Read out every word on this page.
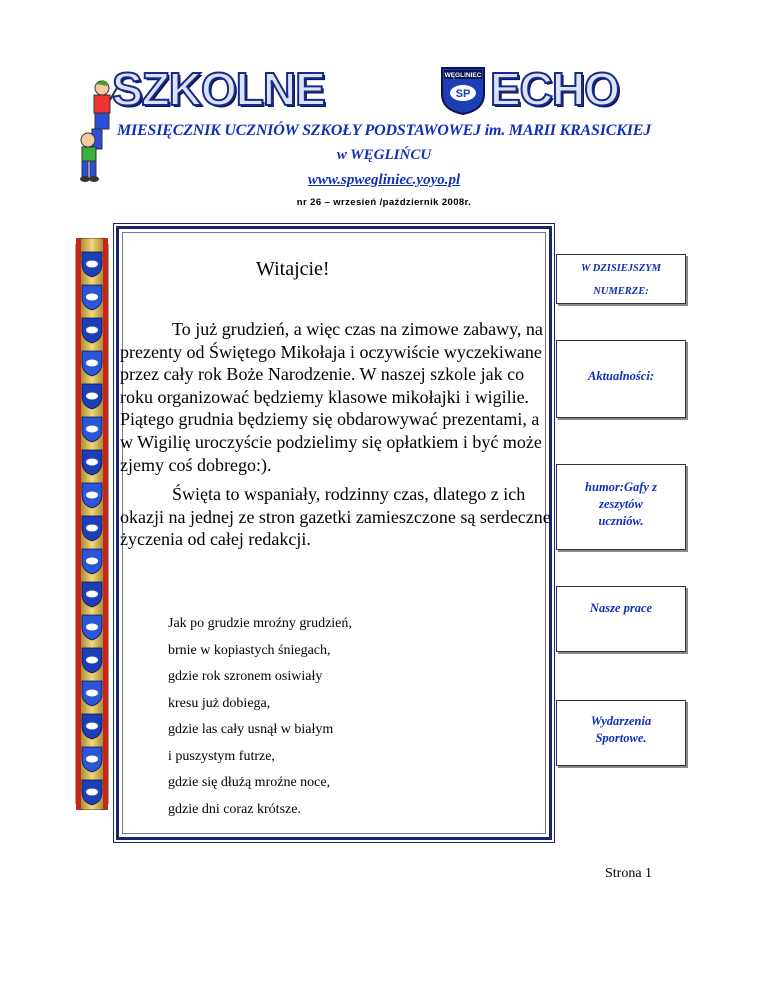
SZKOLNE	WĘGLINIEC
SP ECHO
MIESIĘCZNIK UCZNIÓW SZKOŁY PODSTAWOWEJ im. MARII KRASICKIEJ
w WĘGLIŃCU
www.spwegliniec.yoyo.pl
nr 26 – wrzesień /październik 2008r.
Witajcie!

To już grudzień, a więc czas na zimowe zabawy, na prezenty od Świętego Mikołaja i oczywiście wyczekiwane przez cały rok Boże Narodzenie. W naszej szkole jak co roku organizować będziemy klasowe mikołajki i wigilie. Piątego grudnia będziemy się obdarowywać prezentami, a w Wigilię uroczyście podzielimy się opłatkiem i być może zjemy coś dobrego:).

Święta to wspaniały, rodzinny czas, dlatego z ich okazji na jednej ze stron gazetki zamieszczone są serdeczne życzenia od całej redakcji.

Jak po grudzie mroźny grudzień,
brnie w kopiastych śniegach,
gdzie rok szronem osiwiały
kresu już dobiega,
gdzie las cały usnął w białym
i puszystym futrze,
gdzie się dłużą mroźne noce,
gdzie dni coraz krótsze.
W DZISIEJSZYM
NUMERZE:
Aktualności:
humor:Gafy z
zeszytów
uczniów.
Nasze prace
Wydarzenia
Sportowe.
Strona 1
